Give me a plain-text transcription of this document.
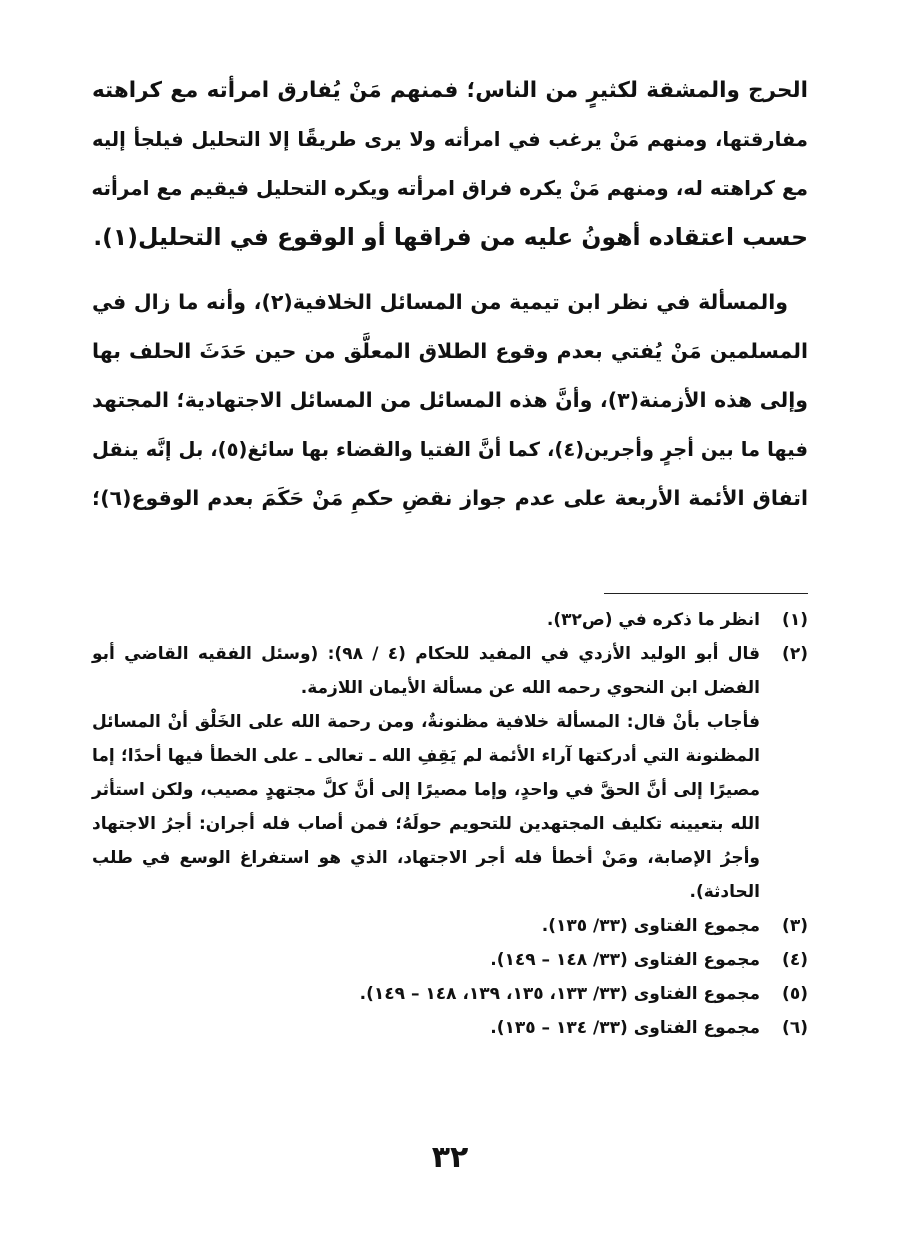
الحرج والمشقة لكثيرٍ من الناس؛ فمنهم مَنْ يُفارق امرأته مع كراهته
مفارقتها، ومنهم مَنْ يرغب في امرأته ولا يرى طريقًا إلا التحليل فيلجأ إليه
مع كراهته له، ومنهم مَنْ يكره فراق امرأته ويكره التحليل فيقيم مع امرأته
حسب اعتقاده أهونُ عليه من فراقها أو الوقوع في التحليل(١).

والمسألة في نظر ابن تيمية من المسائل الخلافية(٢)، وأنه ما زال في
المسلمين مَنْ يُفتي بعدم وقوع الطلاق المعلَّق من حين حَدَثَ الحلف بها
وإلى هذه الأزمنة(٣)، وأنَّ هذه المسائل من المسائل الاجتهادية؛ المجتهد
فيها ما بين أجرٍ وأجرين(٤)، كما أنَّ الفتيا والقضاء بها سائغ(٥)، بل إنَّه ينقل
اتفاق الأئمة الأربعة على عدم جواز نقضِ حكمِ مَنْ حَكَمَ بعدم الوقوع(٦)؛

(١)
انظر ما ذكره في (ص٣٢).
(٢)
قال أبو الوليد الأزدي في المفيد للحكام (٤ / ٩٨): (وسئل الفقيه القاضي أبو
الفضل ابن النحوي رحمه الله عن مسألة الأيمان اللازمة.
فأجاب بأنْ قال: المسألة خلافية مظنونةٌ، ومن رحمة الله على الخَلْق أنْ المسائل
المظنونة التي أدركتها آراء الأئمة لم يَقِفِ الله ـ تعالى ـ على الخطأ فيها أحدًا؛ إما
مصيرًا إلى أنَّ الحقَّ في واحدٍ، وإما مصيرًا إلى أنَّ كلَّ مجتهدٍ مصيب، ولكن استأثر
الله بتعيينه تكليف المجتهدين للتحويم حولَهُ؛ فمن أصاب فله أجران: أجرُ الاجتهاد
وأجرُ الإصابة، ومَنْ أخطأ فله أجر الاجتهاد، الذي هو استفراغ الوسع في طلب
الحادثة).
(٣)
مجموع الفتاوى (٣٣/ ١٣٥).
(٤)
مجموع الفتاوى (٣٣/ ١٤٨ – ١٤٩).
(٥)
مجموع الفتاوى (٣٣/ ١٣٣، ١٣٥، ١٣٩، ١٤٨ – ١٤٩).
(٦)
مجموع الفتاوى (٣٣/ ١٣٤ – ١٣٥).
٣٢
